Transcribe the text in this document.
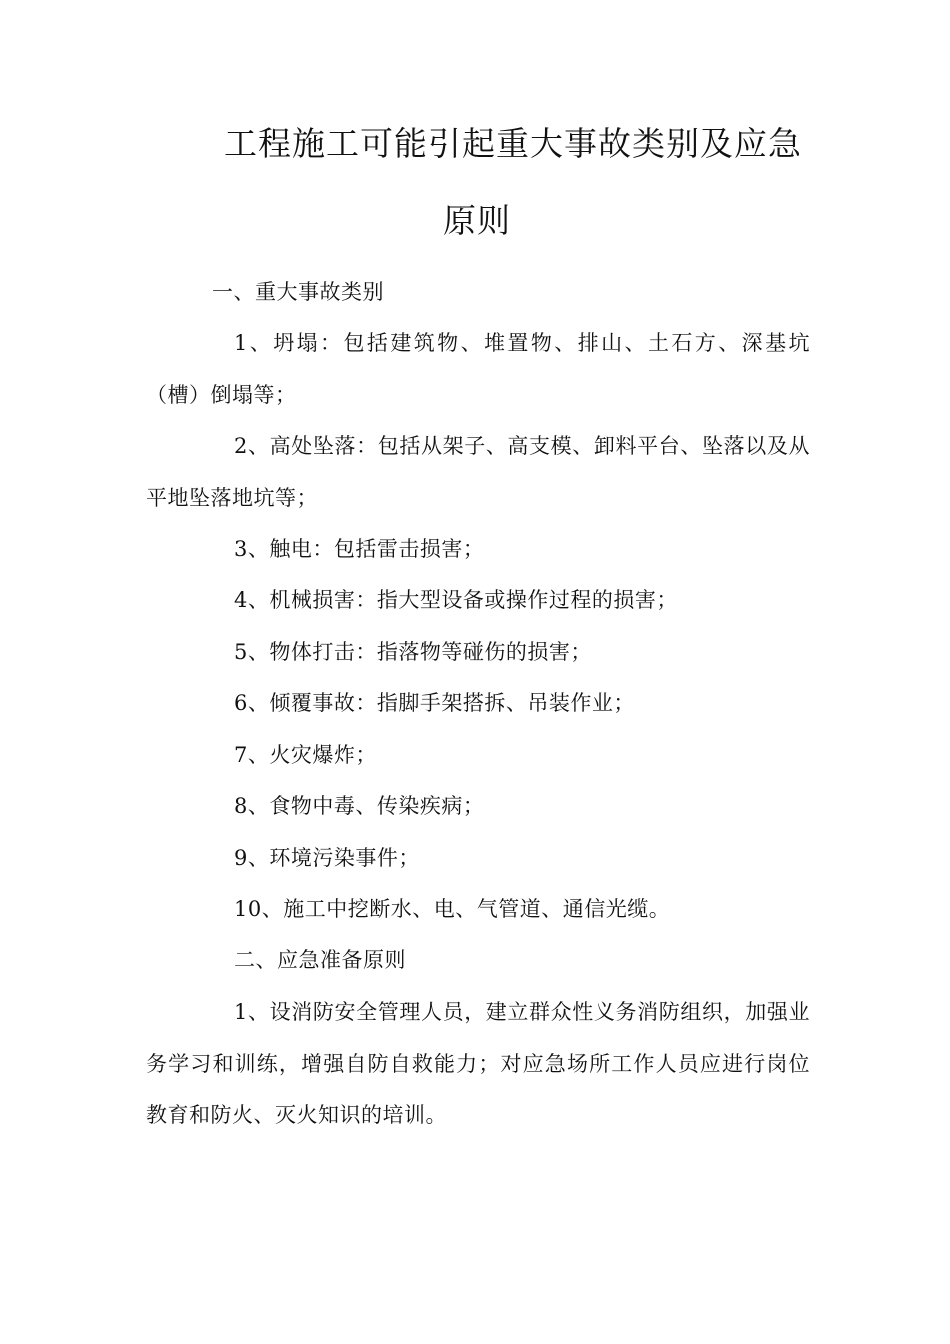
工程施工可能引起重大事故类别及应急
原则

一、重大事故类别

1、坍塌：包括建筑物、堆置物、排山、土石方、深基坑（槽）倒塌等；

2、高处坠落：包括从架子、高支模、卸料平台、坠落以及从平地坠落地坑等；

3、触电：包括雷击损害；

4、机械损害：指大型设备或操作过程的损害；

5、物体打击：指落物等碰伤的损害；

6、倾覆事故：指脚手架搭拆、吊装作业；

7、火灾爆炸；

8、食物中毒、传染疾病；

9、环境污染事件；

10、施工中挖断水、电、气管道、通信光缆。

二、应急准备原则

1、设消防安全管理人员，建立群众性义务消防组织，加强业务学习和训练，增强自防自救能力；对应急场所工作人员应进行岗位教育和防火、灭火知识的培训。
